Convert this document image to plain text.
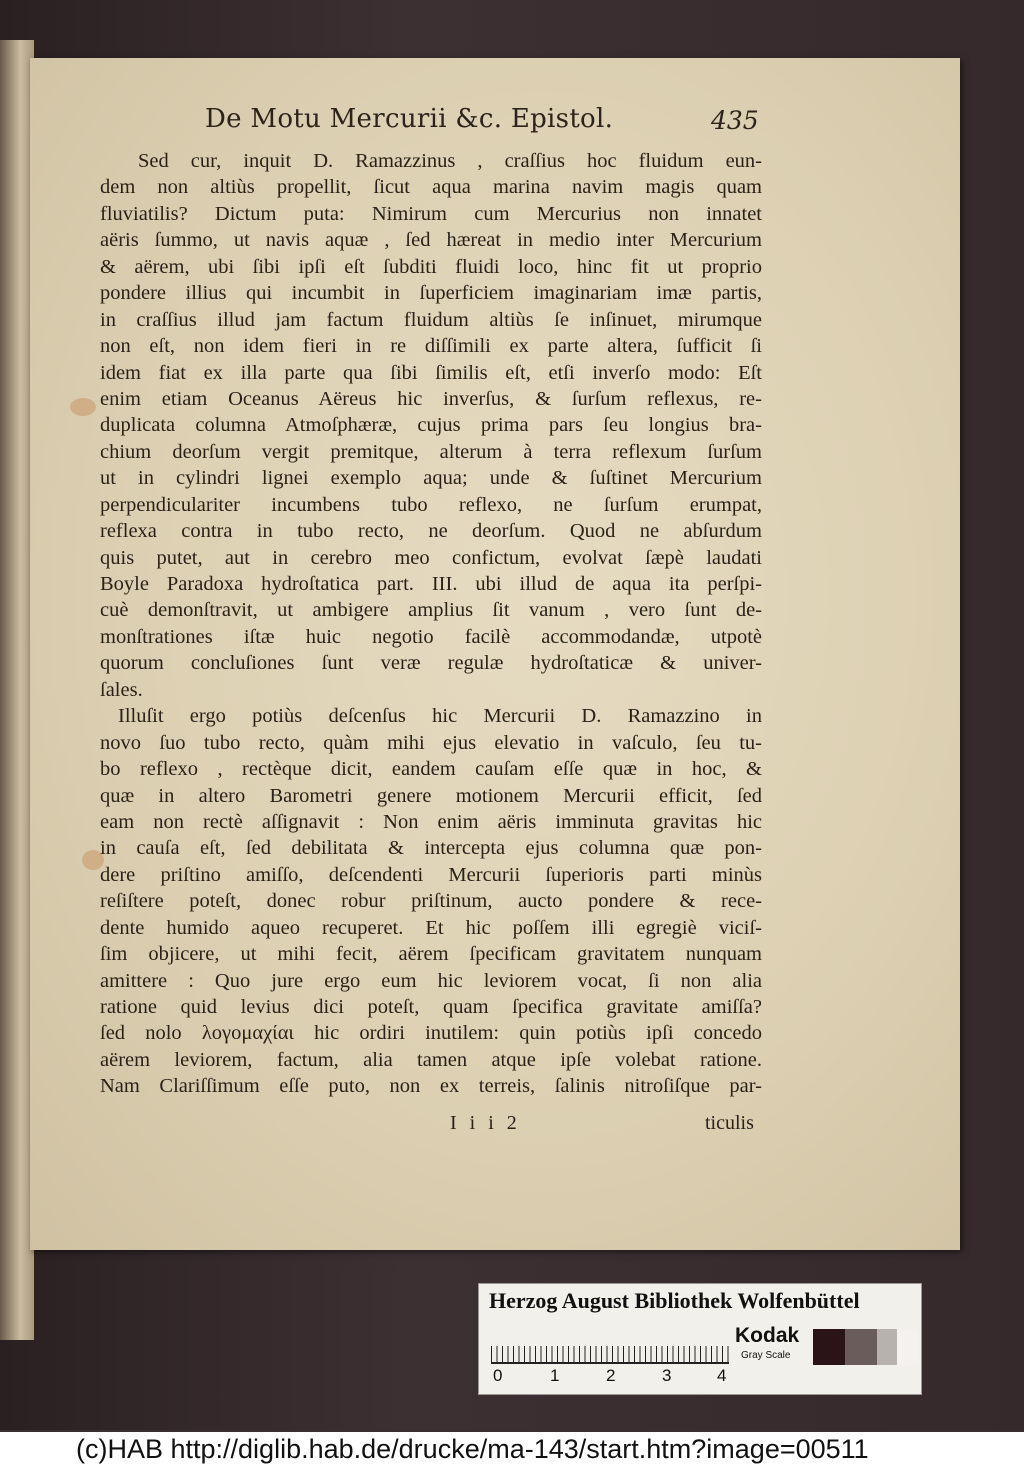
De Motu Mercurii &c. Epistol.	435
Sed cur, inquit D. Ramazzinus , craſſius hoc fluidum eun-
dem non altiùs propellit, ſicut aqua marina navim magis quam
fluviatilis? Dictum puta: Nimirum cum Mercurius non innatet
aëris ſummo, ut navis aquæ , ſed hæreat in medio inter Mercurium
& aërem, ubi ſibi ipſi eſt ſubditi fluidi loco, hinc fit ut proprio
pondere illius qui incumbit in ſuperficiem imaginariam imæ partis,
in craſſius illud jam factum fluidum altiùs ſe inſinuet, mirumque
non eſt, non idem fieri in re diſſimili ex parte altera, ſufficit ſi
idem fiat ex illa parte qua ſibi ſimilis eſt, etſi inverſo modo: Eſt
enim etiam Oceanus Aëreus hic inverſus, & ſurſum reflexus, re-
duplicata columna Atmoſphæræ, cujus prima pars ſeu longius bra-
chium deorſum vergit premitque, alterum à terra reflexum ſurſum
ut in cylindri lignei exemplo aqua; unde & ſuſtinet Mercurium
perpendiculariter incumbens tubo reflexo, ne ſurſum erumpat,
reflexa contra in tubo recto, ne deorſum. Quod ne abſurdum
quis putet, aut in cerebro meo confictum, evolvat ſæpè laudati
Boyle Paradoxa hydroſtatica part. III. ubi illud de aqua ita perſpi-
cuè demonſtravit, ut ambigere amplius ſit vanum , vero ſunt de-
monſtrationes iſtæ huic negotio facilè accommodandæ, utpotè
quorum concluſiones ſunt veræ regulæ hydroſtaticæ & univer-
ſales.
Illuſit ergo potiùs deſcenſus hic Mercurii D. Ramazzino in
novo ſuo tubo recto, quàm mihi ejus elevatio in vaſculo, ſeu tu-
bo reflexo , rectèque dicit, eandem cauſam eſſe quæ in hoc, &
quæ in altero Barometri genere motionem Mercurii efficit, ſed
eam non rectè aſſignavit : Non enim aëris imminuta gravitas hic
in cauſa eſt, ſed debilitata & intercepta ejus columna quæ pon-
dere priſtino amiſſo, deſcendenti Mercurii ſuperioris parti minùs
reſiſtere poteſt, donec robur priſtinum, aucto pondere & rece-
dente humido aqueo recuperet. Et hic poſſem illi egregiè viciſ-
ſim objicere, ut mihi fecit, aërem ſpecificam gravitatem nunquam
amittere : Quo jure ergo eum hic leviorem vocat, ſi non alia
ratione quid levius dici poteſt, quam ſpecifica gravitate amiſſa?
ſed nolo λογομαχίαι hic ordiri inutilem: quin potiùs ipſi concedo
aërem leviorem, factum, alia tamen atque ipſe volebat ratione.
Nam Clariſſimum eſſe puto, non ex terreis, ſalinis nitroſiſque par-
I i i 2	ticulis
Herzog August Bibliothek Wolfenbüttel
0	1	2	3	4
Kodak
Gray Scale
(c)HAB http://diglib.hab.de/drucke/ma-143/start.htm?image=00511
